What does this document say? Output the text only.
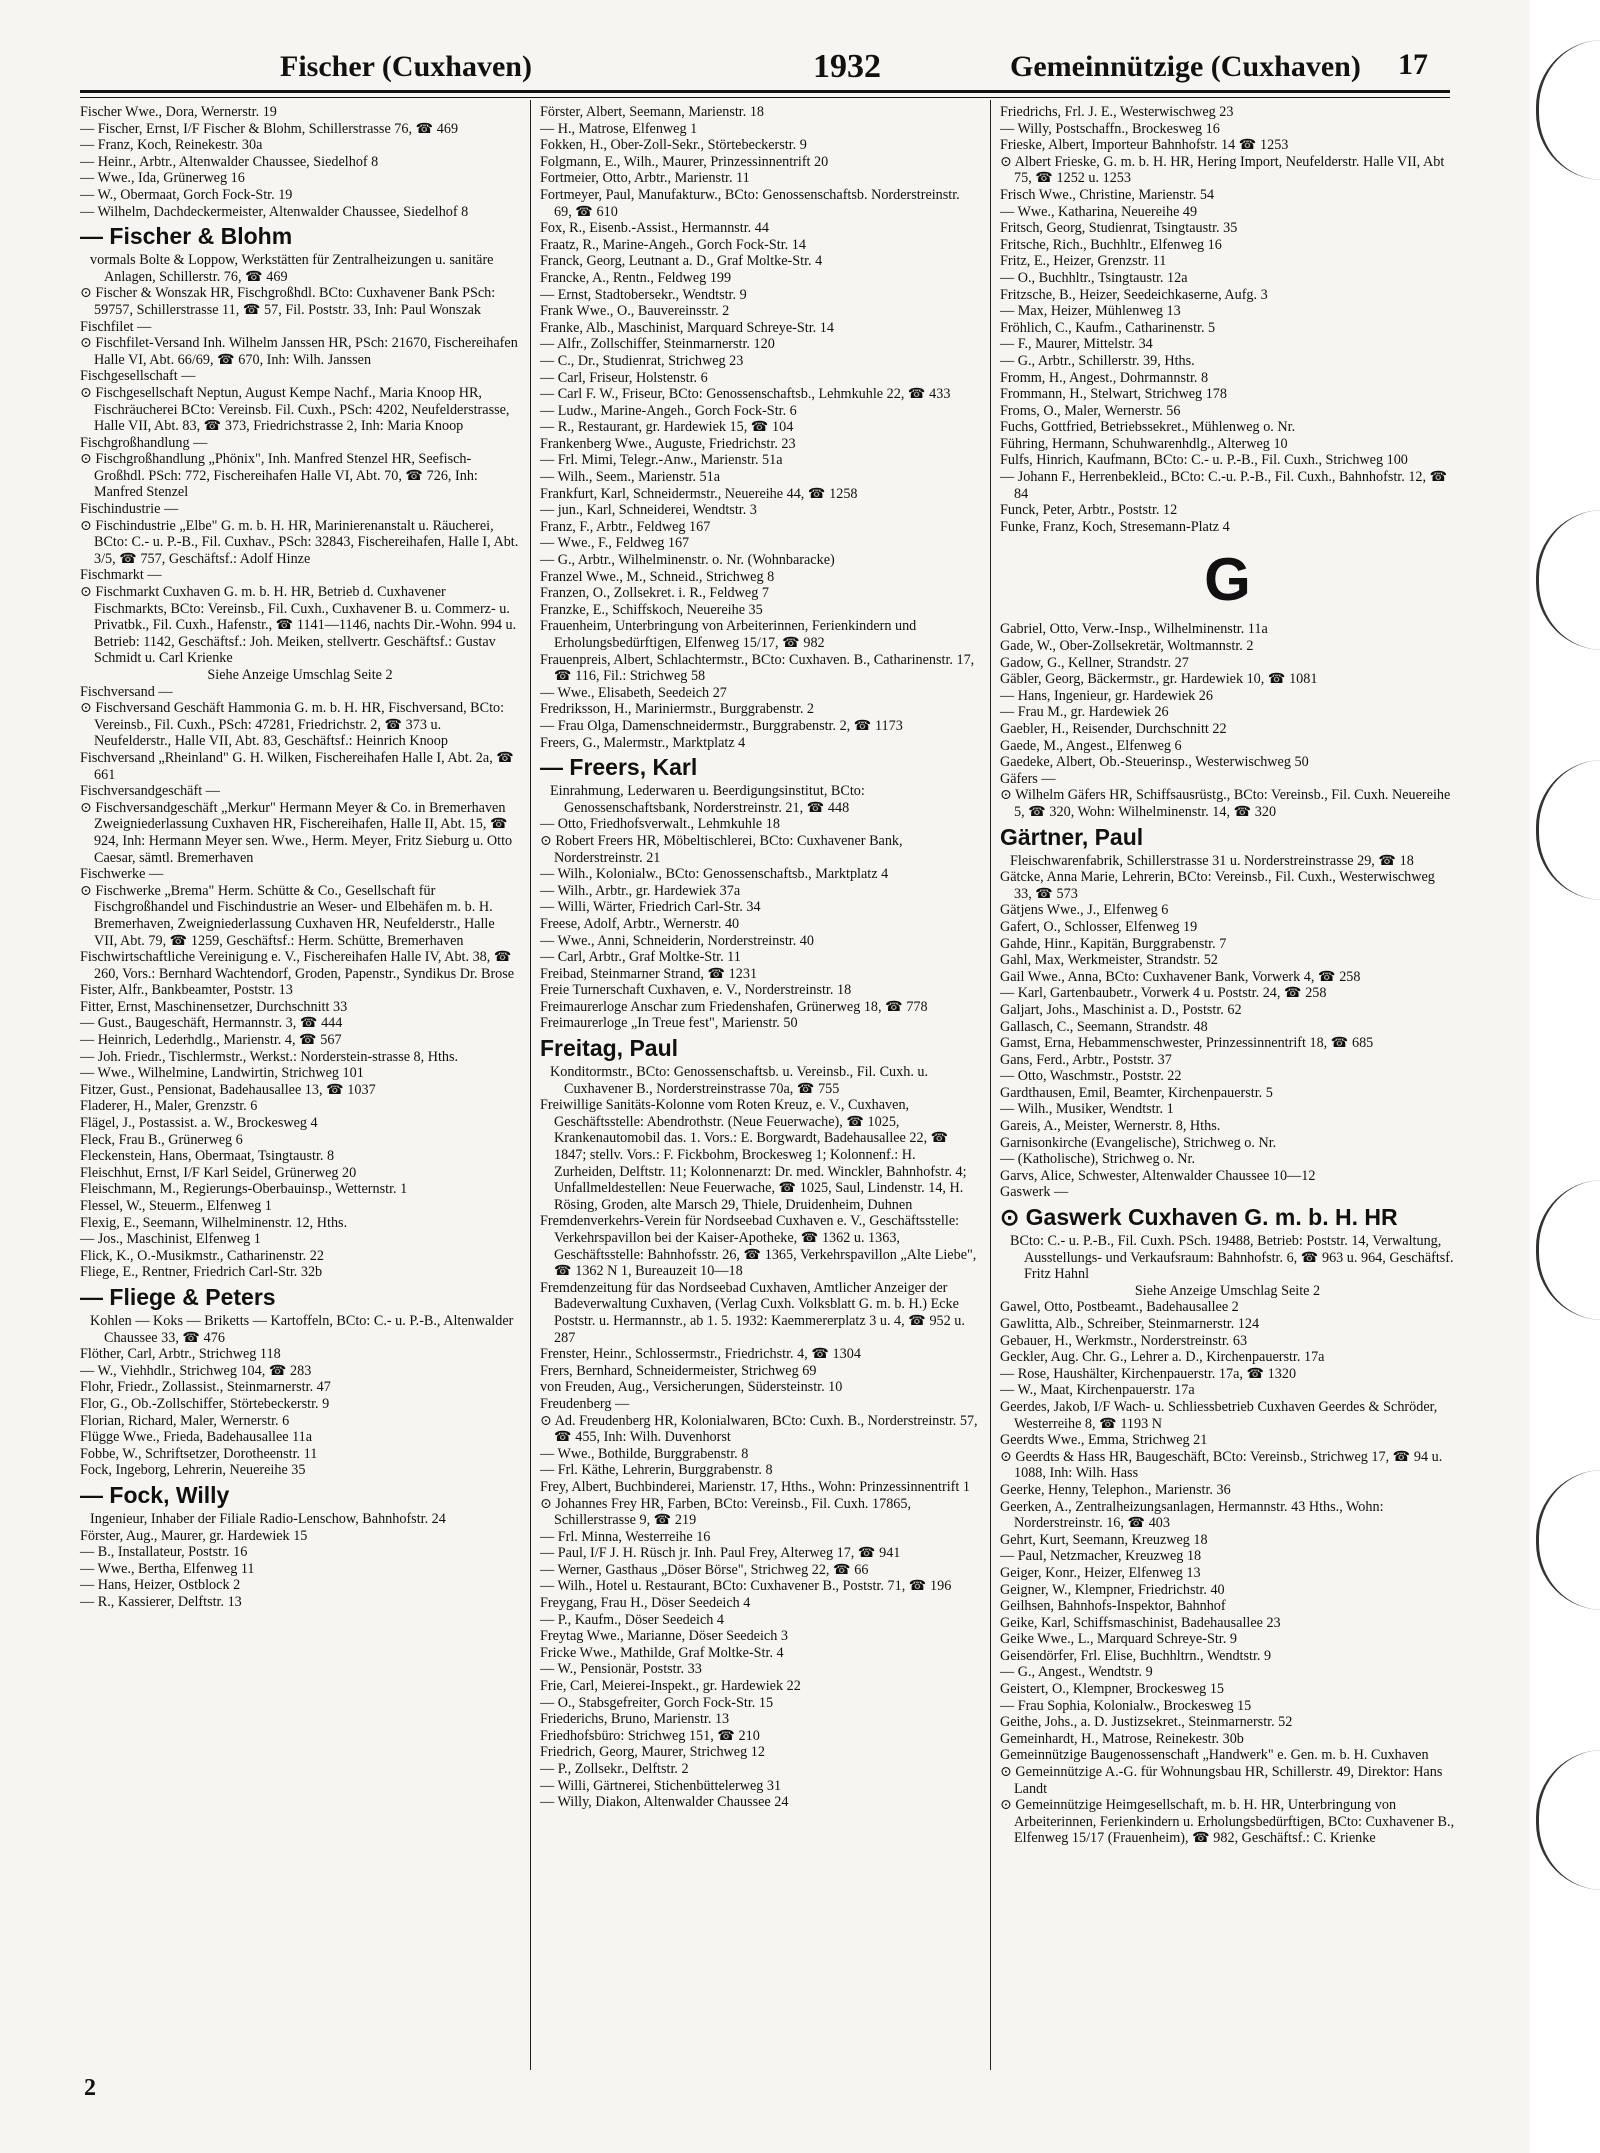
Fischer (Cuxhaven)	1932	Gemeinnützige (Cuxhaven) 17

Fischer Wwe., Dora, Wernerstr. 19

— Fischer, Ernst, I/F Fischer & Blohm, Schillerstrasse 76, ☎ 469

— Franz, Koch, Reinekestr. 30a

— Heinr., Arbtr., Altenwalder Chaussee, Siedelhof 8

— Wwe., Ida, Grünerweg 16

— W., Obermaat, Gorch Fock-Str. 19

— Wilhelm, Dachdeckermeister, Altenwalder Chaussee, Siedelhof 8

— Fischer & Blohm

vormals Bolte & Loppow, Werkstätten für Zentralheizungen u. sanitäre Anlagen, Schillerstr. 76, ☎ 469

⊙ Fischer & Wonszak HR, Fischgroßhdl. BCto: Cuxhavener Bank PSch: 59757, Schillerstrasse 11, ☎ 57, Fil. Poststr. 33, Inh: Paul Wonszak

Fischfilet —

⊙ Fischfilet-Versand Inh. Wilhelm Janssen HR, PSch: 21670, Fischereihafen Halle VI, Abt. 66/69, ☎ 670, Inh: Wilh. Janssen

Fischgesellschaft —

⊙ Fischgesellschaft Neptun, August Kempe Nachf., Maria Knoop HR, Fischräucherei BCto: Vereinsb. Fil. Cuxh., PSch: 4202, Neufelderstrasse, Halle VII, Abt. 83, ☎ 373, Friedrichstrasse 2, Inh: Maria Knoop

Fischgroßhandlung —

⊙ Fischgroßhandlung „Phönix", Inh. Manfred Stenzel HR, Seefisch-Großhdl. PSch: 772, Fischereihafen Halle VI, Abt. 70, ☎ 726, Inh: Manfred Stenzel

Fischindustrie —

⊙ Fischindustrie „Elbe" G. m. b. H. HR, Marinierenanstalt u. Räucherei, BCto: C.- u. P.-B., Fil. Cuxhav., PSch: 32843, Fischereihafen, Halle I, Abt. 3/5, ☎ 757, Geschäftsf.: Adolf Hinze

Fischmarkt —

⊙ Fischmarkt Cuxhaven G. m. b. H. HR, Betrieb d. Cuxhavener Fischmarkts, BCto: Vereinsb., Fil. Cuxh., Cuxhavener B. u. Commerz- u. Privatbk., Fil. Cuxh., Hafenstr., ☎ 1141—1146, nachts Dir.-Wohn. 994 u. Betrieb: 1142, Geschäftsf.: Joh. Meiken, stellvertr. Geschäftsf.: Gustav Schmidt u. Carl Krienke

Siehe Anzeige Umschlag Seite 2

Fischversand —

⊙ Fischversand Geschäft Hammonia G. m. b. H. HR, Fischversand, BCto: Vereinsb., Fil. Cuxh., PSch: 47281, Friedrichstr. 2, ☎ 373 u. Neufelderstr., Halle VII, Abt. 83, Geschäftsf.: Heinrich Knoop

Fischversand „Rheinland" G. H. Wilken, Fischereihafen Halle I, Abt. 2a, ☎ 661

Fischversandgeschäft —

⊙ Fischversandgeschäft „Merkur" Hermann Meyer & Co. in Bremerhaven Zweigniederlassung Cuxhaven HR, Fischereihafen, Halle II, Abt. 15, ☎ 924, Inh: Hermann Meyer sen. Wwe., Herm. Meyer, Fritz Sieburg u. Otto Caesar, sämtl. Bremerhaven

Fischwerke —

⊙ Fischwerke „Brema" Herm. Schütte & Co., Gesellschaft für Fischgroßhandel und Fischindustrie an Weser- und Elbehäfen m. b. H. Bremerhaven, Zweigniederlassung Cuxhaven HR, Neufelderstr., Halle VII, Abt. 79, ☎ 1259, Geschäftsf.: Herm. Schütte, Bremerhaven

Fischwirtschaftliche Vereinigung e. V., Fischereihafen Halle IV, Abt. 38, ☎ 260, Vors.: Bernhard Wachtendorf, Groden, Papenstr., Syndikus Dr. Brose

Fister, Alfr., Bankbeamter, Poststr. 13

Fitter, Ernst, Maschinensetzer, Durchschnitt 33

— Gust., Baugeschäft, Hermannstr. 3, ☎ 444

— Heinrich, Lederhdlg., Marienstr. 4, ☎ 567

— Joh. Friedr., Tischlermstr., Werkst.: Norderstein-strasse 8, Hths.

— Wwe., Wilhelmine, Landwirtin, Strichweg 101

Fitzer, Gust., Pensionat, Badehausallee 13, ☎ 1037

Fladerer, H., Maler, Grenzstr. 6

Flägel, J., Postassist. a. W., Brockesweg 4

Fleck, Frau B., Grünerweg 6

Fleckenstein, Hans, Obermaat, Tsingtaustr. 8

Fleischhut, Ernst, I/F Karl Seidel, Grünerweg 20

Fleischmann, M., Regierungs-Oberbauinsp., Wetternstr. 1

Flessel, W., Steuerm., Elfenweg 1

Flexig, E., Seemann, Wilhelminenstr. 12, Hths.

— Jos., Maschinist, Elfenweg 1

Flick, K., O.-Musikmstr., Catharinenstr. 22

Fliege, E., Rentner, Friedrich Carl-Str. 32b

— Fliege & Peters

Kohlen — Koks — Briketts — Kartoffeln, BCto: C.- u. P.-B., Altenwalder Chaussee 33, ☎ 476

Flöther, Carl, Arbtr., Strichweg 118

— W., Viehhdlr., Strichweg 104, ☎ 283

Flohr, Friedr., Zollassist., Steinmarnerstr. 47

Flor, G., Ob.-Zollschiffer, Störtebeckerstr. 9

Florian, Richard, Maler, Wernerstr. 6

Flügge Wwe., Frieda, Badehausallee 11a

Fobbe, W., Schriftsetzer, Dorotheenstr. 11

Fock, Ingeborg, Lehrerin, Neuereihe 35

— Fock, Willy

Ingenieur, Inhaber der Filiale Radio-Lenschow, Bahnhofstr. 24

Förster, Aug., Maurer, gr. Hardewiek 15

— B., Installateur, Poststr. 16

— Wwe., Bertha, Elfenweg 11

— Hans, Heizer, Ostblock 2

— R., Kassierer, Delftstr. 13

Förster, Albert, Seemann, Marienstr. 18

— H., Matrose, Elfenweg 1

Fokken, H., Ober-Zoll-Sekr., Störtebeckerstr. 9

Folgmann, E., Wilh., Maurer, Prinzessinnentrift 20

Fortmeier, Otto, Arbtr., Marienstr. 11

Fortmeyer, Paul, Manufakturw., BCto: Genossenschaftsb. Norderstreinstr. 69, ☎ 610

Fox, R., Eisenb.-Assist., Hermannstr. 44

Fraatz, R., Marine-Angeh., Gorch Fock-Str. 14

Franck, Georg, Leutnant a. D., Graf Moltke-Str. 4

Francke, A., Rentn., Feldweg 199

— Ernst, Stadtobersekr., Wendtstr. 9

Frank Wwe., O., Bauvereinsstr. 2

Franke, Alb., Maschinist, Marquard Schreye-Str. 14

— Alfr., Zollschiffer, Steinmarnerstr. 120

— C., Dr., Studienrat, Strichweg 23

— Carl, Friseur, Holstenstr. 6

— Carl F. W., Friseur, BCto: Genossenschaftsb., Lehmkuhle 22, ☎ 433

— Ludw., Marine-Angeh., Gorch Fock-Str. 6

— R., Restaurant, gr. Hardewiek 15, ☎ 104

Frankenberg Wwe., Auguste, Friedrichstr. 23

— Frl. Mimi, Telegr.-Anw., Marienstr. 51a

— Wilh., Seem., Marienstr. 51a

Frankfurt, Karl, Schneidermstr., Neuereihe 44, ☎ 1258

— jun., Karl, Schneiderei, Wendtstr. 3

Franz, F., Arbtr., Feldweg 167

— Wwe., F., Feldweg 167

— G., Arbtr., Wilhelminenstr. o. Nr. (Wohnbaracke)

Franzel Wwe., M., Schneid., Strichweg 8

Franzen, O., Zollsekret. i. R., Feldweg 7

Franzke, E., Schiffskoch, Neuereihe 35

Frauenheim, Unterbringung von Arbeiterinnen, Ferienkindern und Erholungsbedürftigen, Elfenweg 15/17, ☎ 982

Frauenpreis, Albert, Schlachtermstr., BCto: Cuxhaven. B., Catharinenstr. 17, ☎ 116, Fil.: Strichweg 58

— Wwe., Elisabeth, Seedeich 27

Fredriksson, H., Mariniermstr., Burggrabenstr. 2

— Frau Olga, Damenschneidermstr., Burggrabenstr. 2, ☎ 1173

Freers, G., Malermstr., Marktplatz 4

— Freers, Karl

Einrahmung, Lederwaren u. Beerdigungsinstitut, BCto: Genossenschaftsbank, Norderstreinstr. 21, ☎ 448

— Otto, Friedhofsverwalt., Lehmkuhle 18

⊙ Robert Freers HR, Möbeltischlerei, BCto: Cuxhavener Bank, Norderstreinstr. 21

— Wilh., Kolonialw., BCto: Genossenschaftsb., Marktplatz 4

— Wilh., Arbtr., gr. Hardewiek 37a

— Willi, Wärter, Friedrich Carl-Str. 34

Freese, Adolf, Arbtr., Wernerstr. 40

— Wwe., Anni, Schneiderin, Norderstreinstr. 40

— Carl, Arbtr., Graf Moltke-Str. 11

Freibad, Steinmarner Strand, ☎ 1231

Freie Turnerschaft Cuxhaven, e. V., Norderstreinstr. 18

Freimaurerloge Anschar zum Friedenshafen, Grünerweg 18, ☎ 778

Freimaurerloge „In Treue fest", Marienstr. 50

Freitag, Paul

Konditormstr., BCto: Genossenschaftsb. u. Vereinsb., Fil. Cuxh. u. Cuxhavener B., Norderstreinstrasse 70a, ☎ 755

Freiwillige Sanitäts-Kolonne vom Roten Kreuz, e. V., Cuxhaven, Geschäftsstelle: Abendrothstr. (Neue Feuerwache), ☎ 1025, Krankenautomobil das. 1. Vors.: E. Borgwardt, Badehausallee 22, ☎ 1847; stellv. Vors.: F. Fickbohm, Brockesweg 1; Kolonnenf.: H. Zurheiden, Delftstr. 11; Kolonnenarzt: Dr. med. Winckler, Bahnhofstr. 4; Unfallmeldestellen: Neue Feuerwache, ☎ 1025, Saul, Lindenstr. 14, H. Rösing, Groden, alte Marsch 29, Thiele, Druidenheim, Duhnen

Fremdenverkehrs-Verein für Nordseebad Cuxhaven e. V., Geschäftsstelle: Verkehrspavillon bei der Kaiser-Apotheke, ☎ 1362 u. 1363, Geschäftsstelle: Bahnhofsstr. 26, ☎ 1365, Verkehrspavillon „Alte Liebe", ☎ 1362 N 1, Bureauzeit 10—18

Fremdenzeitung für das Nordseebad Cuxhaven, Amtlicher Anzeiger der Badeverwaltung Cuxhaven, (Verlag Cuxh. Volksblatt G. m. b. H.) Ecke Poststr. u. Hermannstr., ab 1. 5. 1932: Kaemmererplatz 3 u. 4, ☎ 952 u. 287

Frenster, Heinr., Schlossermstr., Friedrichstr. 4, ☎ 1304

Frers, Bernhard, Schneidermeister, Strichweg 69

von Freuden, Aug., Versicherungen, Südersteinstr. 10

Freudenberg —

⊙ Ad. Freudenberg HR, Kolonialwaren, BCto: Cuxh. B., Norderstreinstr. 57, ☎ 455, Inh: Wilh. Duvenhorst

— Wwe., Bothilde, Burggrabenstr. 8

— Frl. Käthe, Lehrerin, Burggrabenstr. 8

Frey, Albert, Buchbinderei, Marienstr. 17, Hths., Wohn: Prinzessinnentrift 1

⊙ Johannes Frey HR, Farben, BCto: Vereinsb., Fil. Cuxh. 17865, Schillerstrasse 9, ☎ 219

— Frl. Minna, Westerreihe 16

— Paul, I/F J. H. Rüsch jr. Inh. Paul Frey, Alterweg 17, ☎ 941

— Werner, Gasthaus „Döser Börse", Strichweg 22, ☎ 66

— Wilh., Hotel u. Restaurant, BCto: Cuxhavener B., Poststr. 71, ☎ 196

Freygang, Frau H., Döser Seedeich 4

— P., Kaufm., Döser Seedeich 4

Freytag Wwe., Marianne, Döser Seedeich 3

Fricke Wwe., Mathilde, Graf Moltke-Str. 4

— W., Pensionär, Poststr. 33

Frie, Carl, Meierei-Inspekt., gr. Hardewiek 22

— O., Stabsgefreiter, Gorch Fock-Str. 15

Friederichs, Bruno, Marienstr. 13

Friedhofsbüro: Strichweg 151, ☎ 210

Friedrich, Georg, Maurer, Strichweg 12

— P., Zollsekr., Delftstr. 2

— Willi, Gärtnerei, Stichenbüttelerweg 31

— Willy, Diakon, Altenwalder Chaussee 24

Friedrichs, Frl. J. E., Westerwischweg 23

— Willy, Postschaffn., Brockesweg 16

Frieske, Albert, Importeur Bahnhofstr. 14 ☎ 1253

⊙ Albert Frieske, G. m. b. H. HR, Hering Import, Neufelderstr. Halle VII, Abt 75, ☎ 1252 u. 1253

Frisch Wwe., Christine, Marienstr. 54

— Wwe., Katharina, Neuereihe 49

Fritsch, Georg, Studienrat, Tsingtaustr. 35

Fritsche, Rich., Buchhltr., Elfenweg 16

Fritz, E., Heizer, Grenzstr. 11

— O., Buchhltr., Tsingtaustr. 12a

Fritzsche, B., Heizer, Seedeichkaserne, Aufg. 3

— Max, Heizer, Mühlenweg 13

Fröhlich, C., Kaufm., Catharinenstr. 5

— F., Maurer, Mittelstr. 34

— G., Arbtr., Schillerstr. 39, Hths.

Fromm, H., Angest., Dohrmannstr. 8

Frommann, H., Stelwart, Strichweg 178

Froms, O., Maler, Wernerstr. 56

Fuchs, Gottfried, Betriebssekret., Mühlenweg o. Nr.

Führing, Hermann, Schuhwarenhdlg., Alterweg 10

Fulfs, Hinrich, Kaufmann, BCto: C.- u. P.-B., Fil. Cuxh., Strichweg 100

— Johann F., Herrenbekleid., BCto: C.-u. P.-B., Fil. Cuxh., Bahnhofstr. 12, ☎ 84

Funck, Peter, Arbtr., Poststr. 12

Funke, Franz, Koch, Stresemann-Platz 4

G

Gabriel, Otto, Verw.-Insp., Wilhelminenstr. 11a

Gade, W., Ober-Zollsekretär, Woltmannstr. 2

Gadow, G., Kellner, Strandstr. 27

Gäbler, Georg, Bäckermstr., gr. Hardewiek 10, ☎ 1081

— Hans, Ingenieur, gr. Hardewiek 26

— Frau M., gr. Hardewiek 26

Gaebler, H., Reisender, Durchschnitt 22

Gaede, M., Angest., Elfenweg 6

Gaedeke, Albert, Ob.-Steuerinsp., Westerwischweg 50

Gäfers —

⊙ Wilhelm Gäfers HR, Schiffsausrüstg., BCto: Vereinsb., Fil. Cuxh. Neuereihe 5, ☎ 320, Wohn: Wilhelminenstr. 14, ☎ 320

Gärtner, Paul

Fleischwarenfabrik, Schillerstrasse 31 u. Norderstreinstrasse 29, ☎ 18

Gätcke, Anna Marie, Lehrerin, BCto: Vereinsb., Fil. Cuxh., Westerwischweg 33, ☎ 573

Gätjens Wwe., J., Elfenweg 6

Gafert, O., Schlosser, Elfenweg 19

Gahde, Hinr., Kapitän, Burggrabenstr. 7

Gahl, Max, Werkmeister, Strandstr. 52

Gail Wwe., Anna, BCto: Cuxhavener Bank, Vorwerk 4, ☎ 258

— Karl, Gartenbaubetr., Vorwerk 4 u. Poststr. 24, ☎ 258

Galjart, Johs., Maschinist a. D., Poststr. 62

Gallasch, C., Seemann, Strandstr. 48

Gamst, Erna, Hebammenschwester, Prinzessinnentrift 18, ☎ 685

Gans, Ferd., Arbtr., Poststr. 37

— Otto, Waschmstr., Poststr. 22

Gardthausen, Emil, Beamter, Kirchenpauerstr. 5

— Wilh., Musiker, Wendtstr. 1

Gareis, A., Meister, Wernerstr. 8, Hths.

Garnisonkirche (Evangelische), Strichweg o. Nr.

— (Katholische), Strichweg o. Nr.

Garvs, Alice, Schwester, Altenwalder Chaussee 10—12

Gaswerk —

⊙ Gaswerk Cuxhaven G. m. b. H. HR

BCto: C.- u. P.-B., Fil. Cuxh. PSch. 19488, Betrieb: Poststr. 14, Verwaltung, Ausstellungs- und Verkaufsraum: Bahnhofstr. 6, ☎ 963 u. 964, Geschäftsf. Fritz Hahnl

Siehe Anzeige Umschlag Seite 2

Gawel, Otto, Postbeamt., Badehausallee 2

Gawlitta, Alb., Schreiber, Steinmarnerstr. 124

Gebauer, H., Werkmstr., Norderstreinstr. 63

Geckler, Aug. Chr. G., Lehrer a. D., Kirchenpauerstr. 17a

— Rose, Haushälter, Kirchenpauerstr. 17a, ☎ 1320

— W., Maat, Kirchenpauerstr. 17a

Geerdes, Jakob, I/F Wach- u. Schliessbetrieb Cuxhaven Geerdes & Schröder, Westerreihe 8, ☎ 1193 N

Geerdts Wwe., Emma, Strichweg 21

⊙ Geerdts & Hass HR, Baugeschäft, BCto: Vereinsb., Strichweg 17, ☎ 94 u. 1088, Inh: Wilh. Hass

Geerke, Henny, Telephon., Marienstr. 36

Geerken, A., Zentralheizungsanlagen, Hermannstr. 43 Hths., Wohn: Norderstreinstr. 16, ☎ 403

Gehrt, Kurt, Seemann, Kreuzweg 18

— Paul, Netzmacher, Kreuzweg 18

Geiger, Konr., Heizer, Elfenweg 13

Geigner, W., Klempner, Friedrichstr. 40

Geilhsen, Bahnhofs-Inspektor, Bahnhof

Geike, Karl, Schiffsmaschinist, Badehausallee 23

Geike Wwe., L., Marquard Schreye-Str. 9

Geisendörfer, Frl. Elise, Buchhltrn., Wendtstr. 9

— G., Angest., Wendtstr. 9

Geistert, O., Klempner, Brockesweg 15

— Frau Sophia, Kolonialw., Brockesweg 15

Geithe, Johs., a. D. Justizsekret., Steinmarnerstr. 52

Gemeinhardt, H., Matrose, Reinekestr. 30b

Gemeinnützige Baugenossenschaft „Handwerk" e. Gen. m. b. H. Cuxhaven

⊙ Gemeinnützige A.-G. für Wohnungsbau HR, Schillerstr. 49, Direktor: Hans Landt

⊙ Gemeinnützige Heimgesellschaft, m. b. H. HR, Unterbringung von Arbeiterinnen, Ferienkindern u. Erholungsbedürftigen, BCto: Cuxhavener B., Elfenweg 15/17 (Frauenheim), ☎ 982, Geschäftsf.: C. Krienke

2
